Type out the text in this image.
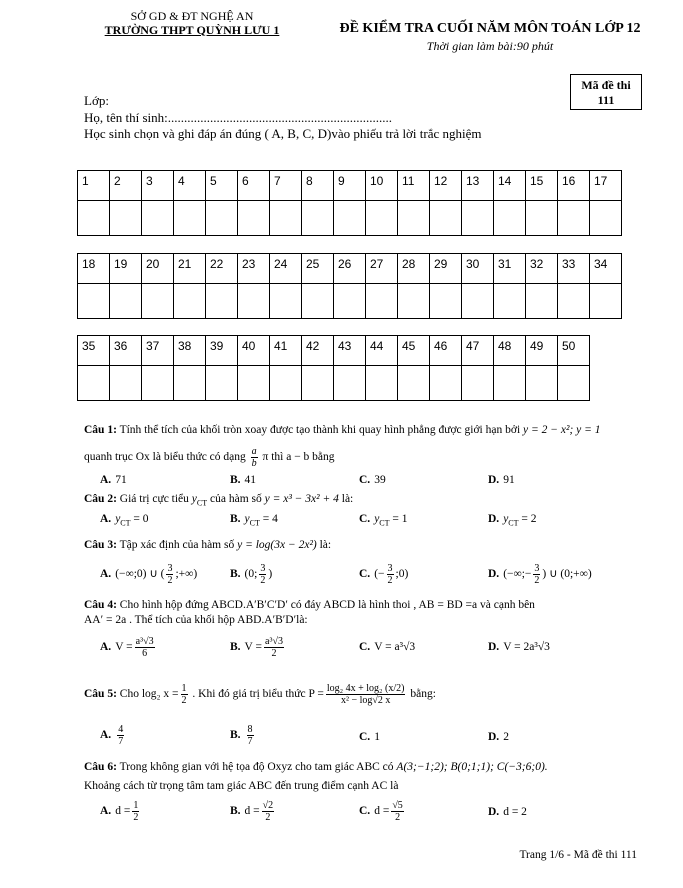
SỞ GD & ĐT NGHỆ AN
TRƯỜNG THPT QUỲNH LƯU 1	ĐỀ KIỂM TRA CUỐI NĂM MÔN TOÁN LỚP 12
Thời gian làm bài:90 phút
Mã đề thi
111
Lớp:
Họ, tên thí sinh:.....................................................................
Học sinh chọn và ghi đáp án đúng ( A, B, C, D)vào phiếu trả lời trắc nghiệm
1	2	3	4	5	6	7	8	9	10	11	12	13	14	15	16	17

18	19	20	21	22	23	24	25	26	27	28	29	30	31	32	33	34

35	36	37	38	39	40	41	42	43	44	45	46	47	48	49	50

Câu 1: Tính thể tích của khối tròn xoay được tạo thành khi quay hình phẳng được giới hạn bởi y = 2 − x²; y = 1
quanh trục Ox là biểu thức có dạng $\frac{a}{b}$ π thì a − b bằng
A. 71	B. 41	C. 39	D. 91
Câu 2: Giá trị cực tiểu $y_{CT}$ của hàm số y = x³ − 3x² + 4 là:
A. $y_{CT} = 0$	B. $y_{CT} = 4$	C. $y_{CT} = 1$	D. $y_{CT} = 2$
Câu 3: Tập xác định của hàm số y = log(3x − 2x²) là:
A. (−∞;0) ∪ ( $\frac{3}{2}$ ;+∞)	B. (0; $\frac{3}{2}$ )	C. (− $\frac{3}{2}$ ;0)	D. (−∞;− $\frac{3}{2}$ ) ∪ (0;+∞)
Câu 4: Cho hình hộp đứng ABCD.A′B′C′D′ có đáy ABCD là hình thoi , AB = BD =a và cạnh bên
AA′ = 2a . Thể tích của khối hộp ABD.A′B′D′là:
A. $V = \frac{\text{a³√3}}{6}$	B. $V = \frac{\text{a³√3}}{2}$	C. V = a³√3	D. V = 2a³√3
Câu 5: Cho log₂ $x = \frac{1}{2}$ . Khi đó giá trị biểu thức $P = \frac{\text{log₂ 4x + log₂ (x/2)}}{\text{x² − log√2 x}}$ bằng:
A. $\frac{4}{7}$	B. $\frac{8}{7}$	C. 1	D. 2
Câu 6: Trong không gian với hệ tọa độ Oxyz cho tam giác ABC có A(3;−1;2); B(0;1;1); C(−3;6;0).
Khoảng cách từ trọng tâm tam giác ABC đến trung điểm cạnh AC là
A. $d = \frac{1}{2}$	B. $d = \frac{√2}{2}$	C. $d = \frac{√5}{2}$	D. d = 2
Trang 1/6 - Mã đề thi 111
